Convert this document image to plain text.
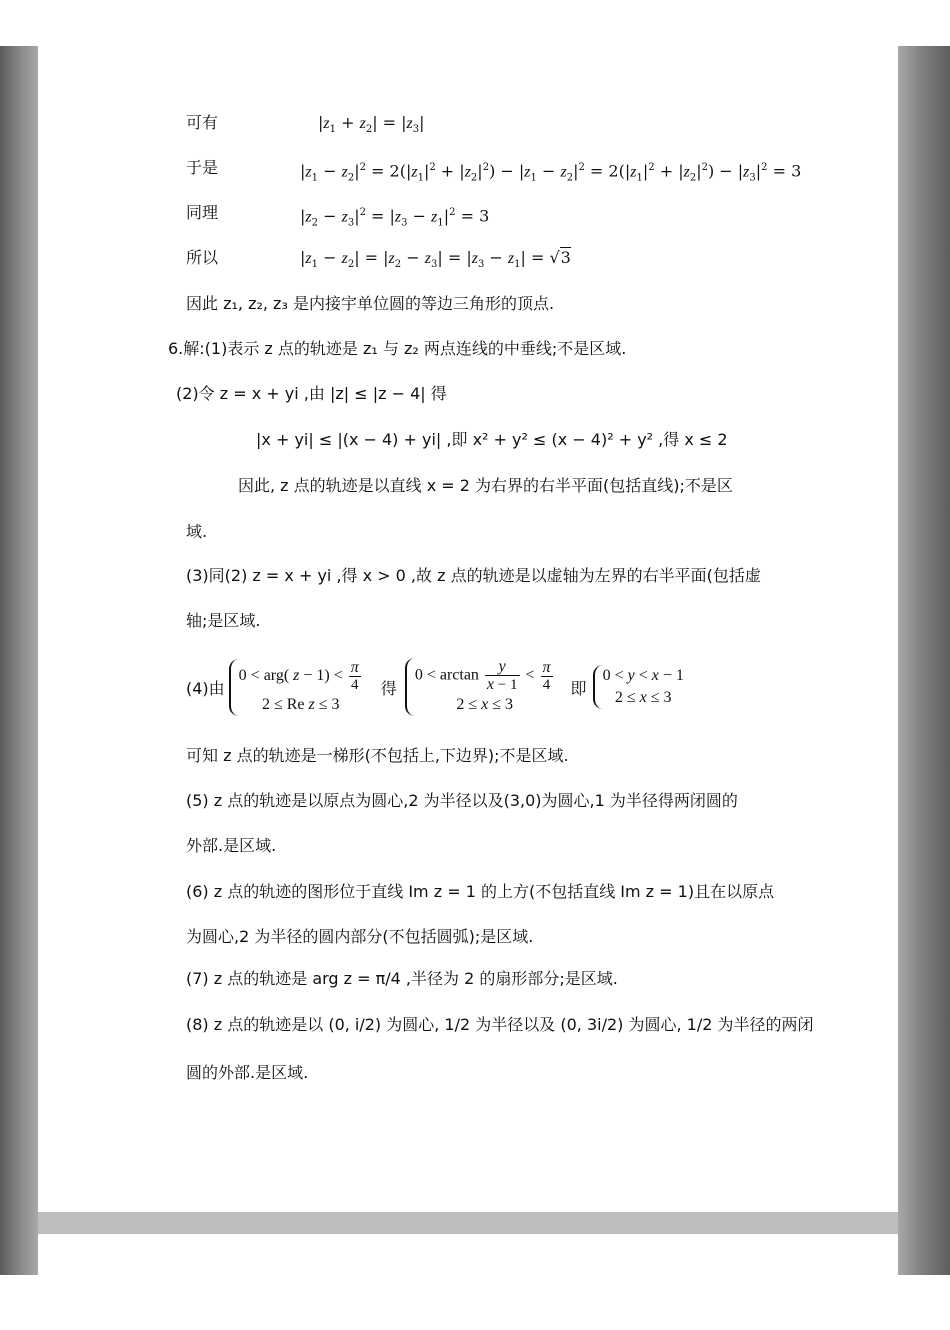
可有	$|z_1 + z_2| = |z_3|$
于是	$|z_1 - z_2|^2 = 2(|z_1|^2 + |z_2|^2) - |z_1 - z_2|^2 = 2(|z_1|^2 + |z_2|^2) - |z_3|^2 = 3$
同理	$|z_2 - z_3|^2 = |z_3 - z_1|^2 = 3$
所以	$|z_1 - z_2| = |z_2 - z_3| = |z_3 - z_1| = √3$
因此 z₁, z₂, z₃ 是内接宇单位圆的等边三角形的顶点.
6.解:(1)表示 z 点的轨迹是 z₁ 与 z₂ 两点连线的中垂线;不是区域.
(2)令 z = x + yi ,由 |z| ≤ |z − 4| 得
|x + yi| ≤ |(x − 4) + yi| ,即 x² + y² ≤ (x − 4)² + y² ,得 x ≤ 2
因此, z 点的轨迹是以直线 x = 2 为右界的右半平面(包括直线);不是区
域.
(3)同(2) z = x + yi ,得 x > 0 ,故 z 点的轨迹是以虚轴为左界的右半平面(包括虚
轴;是区域.
(4)由
0 < arg( $z - 1) < \frac{\pi}{4}$
2 ≤ Re z ≤ 3
得
$0 < \arctan \frac{y}{x - 1} < \frac{\pi}{4}$
2 ≤ x ≤ 3
即
0 < y < x − 1
2 ≤ x ≤ 3
可知 z 点的轨迹是一梯形(不包括上,下边界);不是区域.
(5) z 点的轨迹是以原点为圆心,2 为半径以及(3,0)为圆心,1 为半径得两闭圆的
外部.是区域.
(6) z 点的轨迹的图形位于直线 Im z = 1 的上方(不包括直线 Im z = 1)且在以原点
为圆心,2 为半径的圆内部分(不包括圆弧);是区域.
(7) z 点的轨迹是 arg z = π/4 ,半径为 2 的扇形部分;是区域.
(8) z 点的轨迹是以 (0, i/2) 为圆心, 1/2 为半径以及 (0, 3i/2) 为圆心, 1/2 为半径的两闭
圆的外部.是区域.
